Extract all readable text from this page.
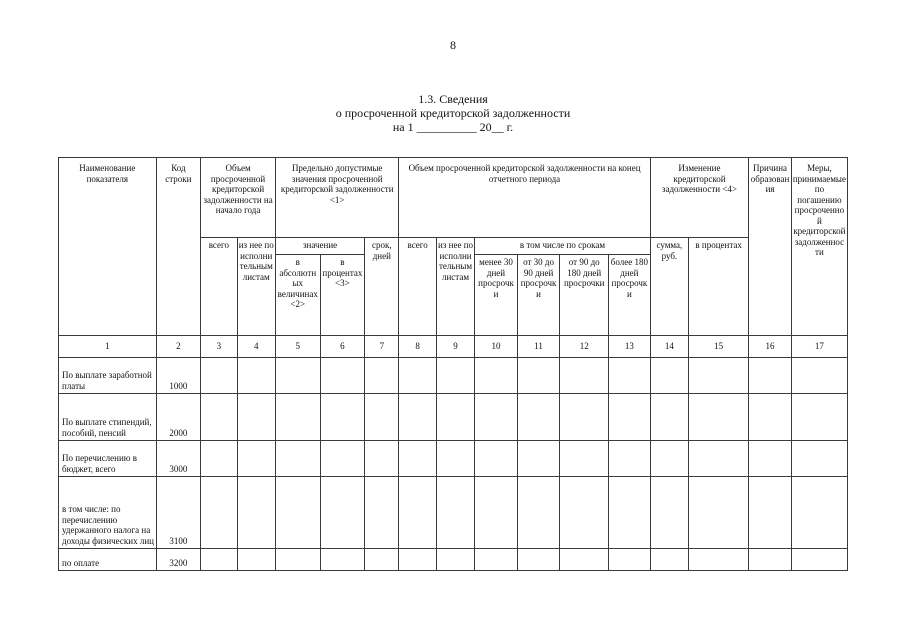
8
1.3. Сведения
о просроченной кредиторской задолженности
на 1 __________ 20__ г.
Наименование показателя	Код строки	Объем просроченной кредиторской задолженности на начало года		Предельно допустимые значения просроченной кредиторской задолженности <1>			Объем просроченной кредиторской задолженности на конец отчетного периода						Изменение кредиторской задолженности <4>		Причина образования	Меры, принимаемые по погашению просроченной кредиторской задолженности
		всего	из нее по исполнительным листам	значение		срок, дней	всего	из нее по исполнительным листам	в том числе по срокам				сумма, руб.	в процентах		
				в абсолютных величинах <2>	в процентах <3>				менее 30 дней просрочки	от 30 до 90 дней просрочки	от 90 до 180 дней просрочки	более 180 дней просрочки				
1	2	3	4	5	6	7	8	9	10	11	12	13	14	15	16	17
По выплате заработной платы	1000															
По выплате стипендий, пособий, пенсий	2000															
По перечислению в бюджет, всего	3000															
в том числе: по перечислению удержанного налога на доходы физических лиц	3100															
по оплате	3200															
